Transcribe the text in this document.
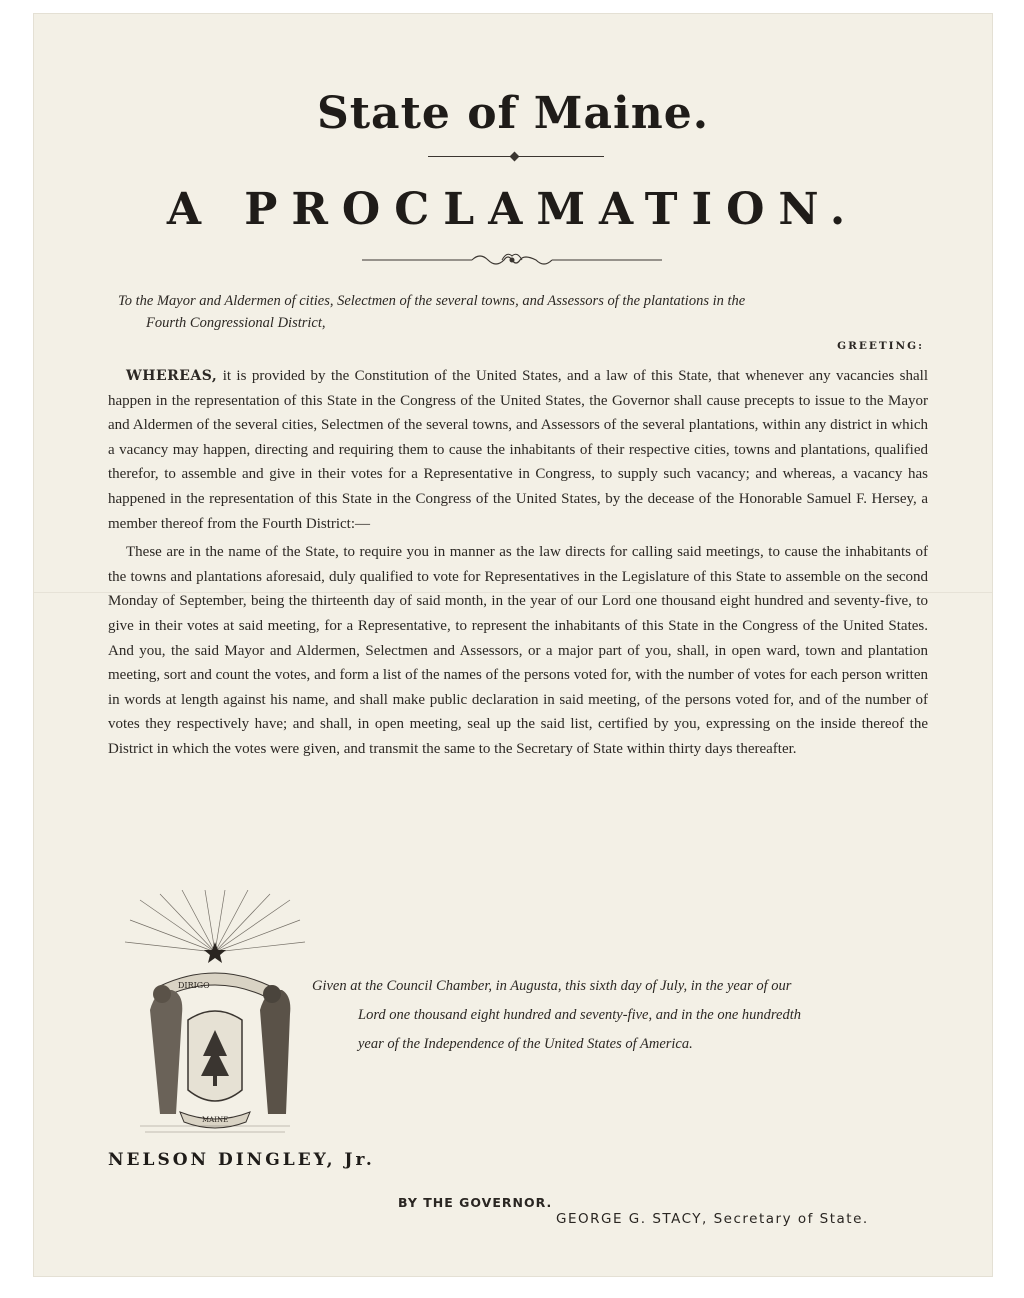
State of Maine.
A PROCLAMATION.
To the Mayor and Aldermen of cities, Selectmen of the several towns, and Assessors of the plantations in the
Fourth Congressional District,
GREETING:

WHEREAS, it is provided by the Constitution of the United States, and a law of this State, that whenever any vacancies shall happen in the representation of this State in the Congress of the United States, the Governor shall cause precepts to issue to the Mayor and Aldermen of the several cities, Selectmen of the several towns, and Assessors of the several plantations, within any district in which a vacancy may happen, directing and requiring them to cause the inhabitants of their respective cities, towns and plantations, qualified therefor, to assemble and give in their votes for a Representative in Congress, to supply such vacancy; and whereas, a vacancy has happened in the representation of this State in the Congress of the United States, by the decease of the Honorable Samuel F. Hersey, a member thereof from the Fourth District:—

These are in the name of the State, to require you in manner as the law directs for calling said meetings, to cause the inhabitants of the towns and plantations aforesaid, duly qualified to vote for Representatives in the Legislature of this State to assemble on the second Monday of September, being the thirteenth day of said month, in the year of our Lord one thousand eight hundred and seventy-five, to give in their votes at said meeting, for a Representative, to represent the inhabitants of this State in the Congress of the United States. And you, the said Mayor and Aldermen, Selectmen and Assessors, or a major part of you, shall, in open ward, town and plantation meeting, sort and count the votes, and form a list of the names of the persons voted for, with the number of votes for each person written in words at length against his name, and shall make public declaration in said meeting, of the persons voted for, and of the number of votes they respectively have; and shall, in open meeting, seal up the said list, certified by you, expressing on the inside thereof the District in which the votes were given, and transmit the same to the Secretary of State within thirty days thereafter.

DIRIGO
MAINE
Given at the Council Chamber, in Augusta, this sixth day of July, in the year of our
Lord one thousand eight hundred and seventy-five, and in the one hundredth
year of the Independence of the United States of America.
NELSON DINGLEY, Jr.
BY THE GOVERNOR.
GEORGE G. STACY, Secretary of State.
